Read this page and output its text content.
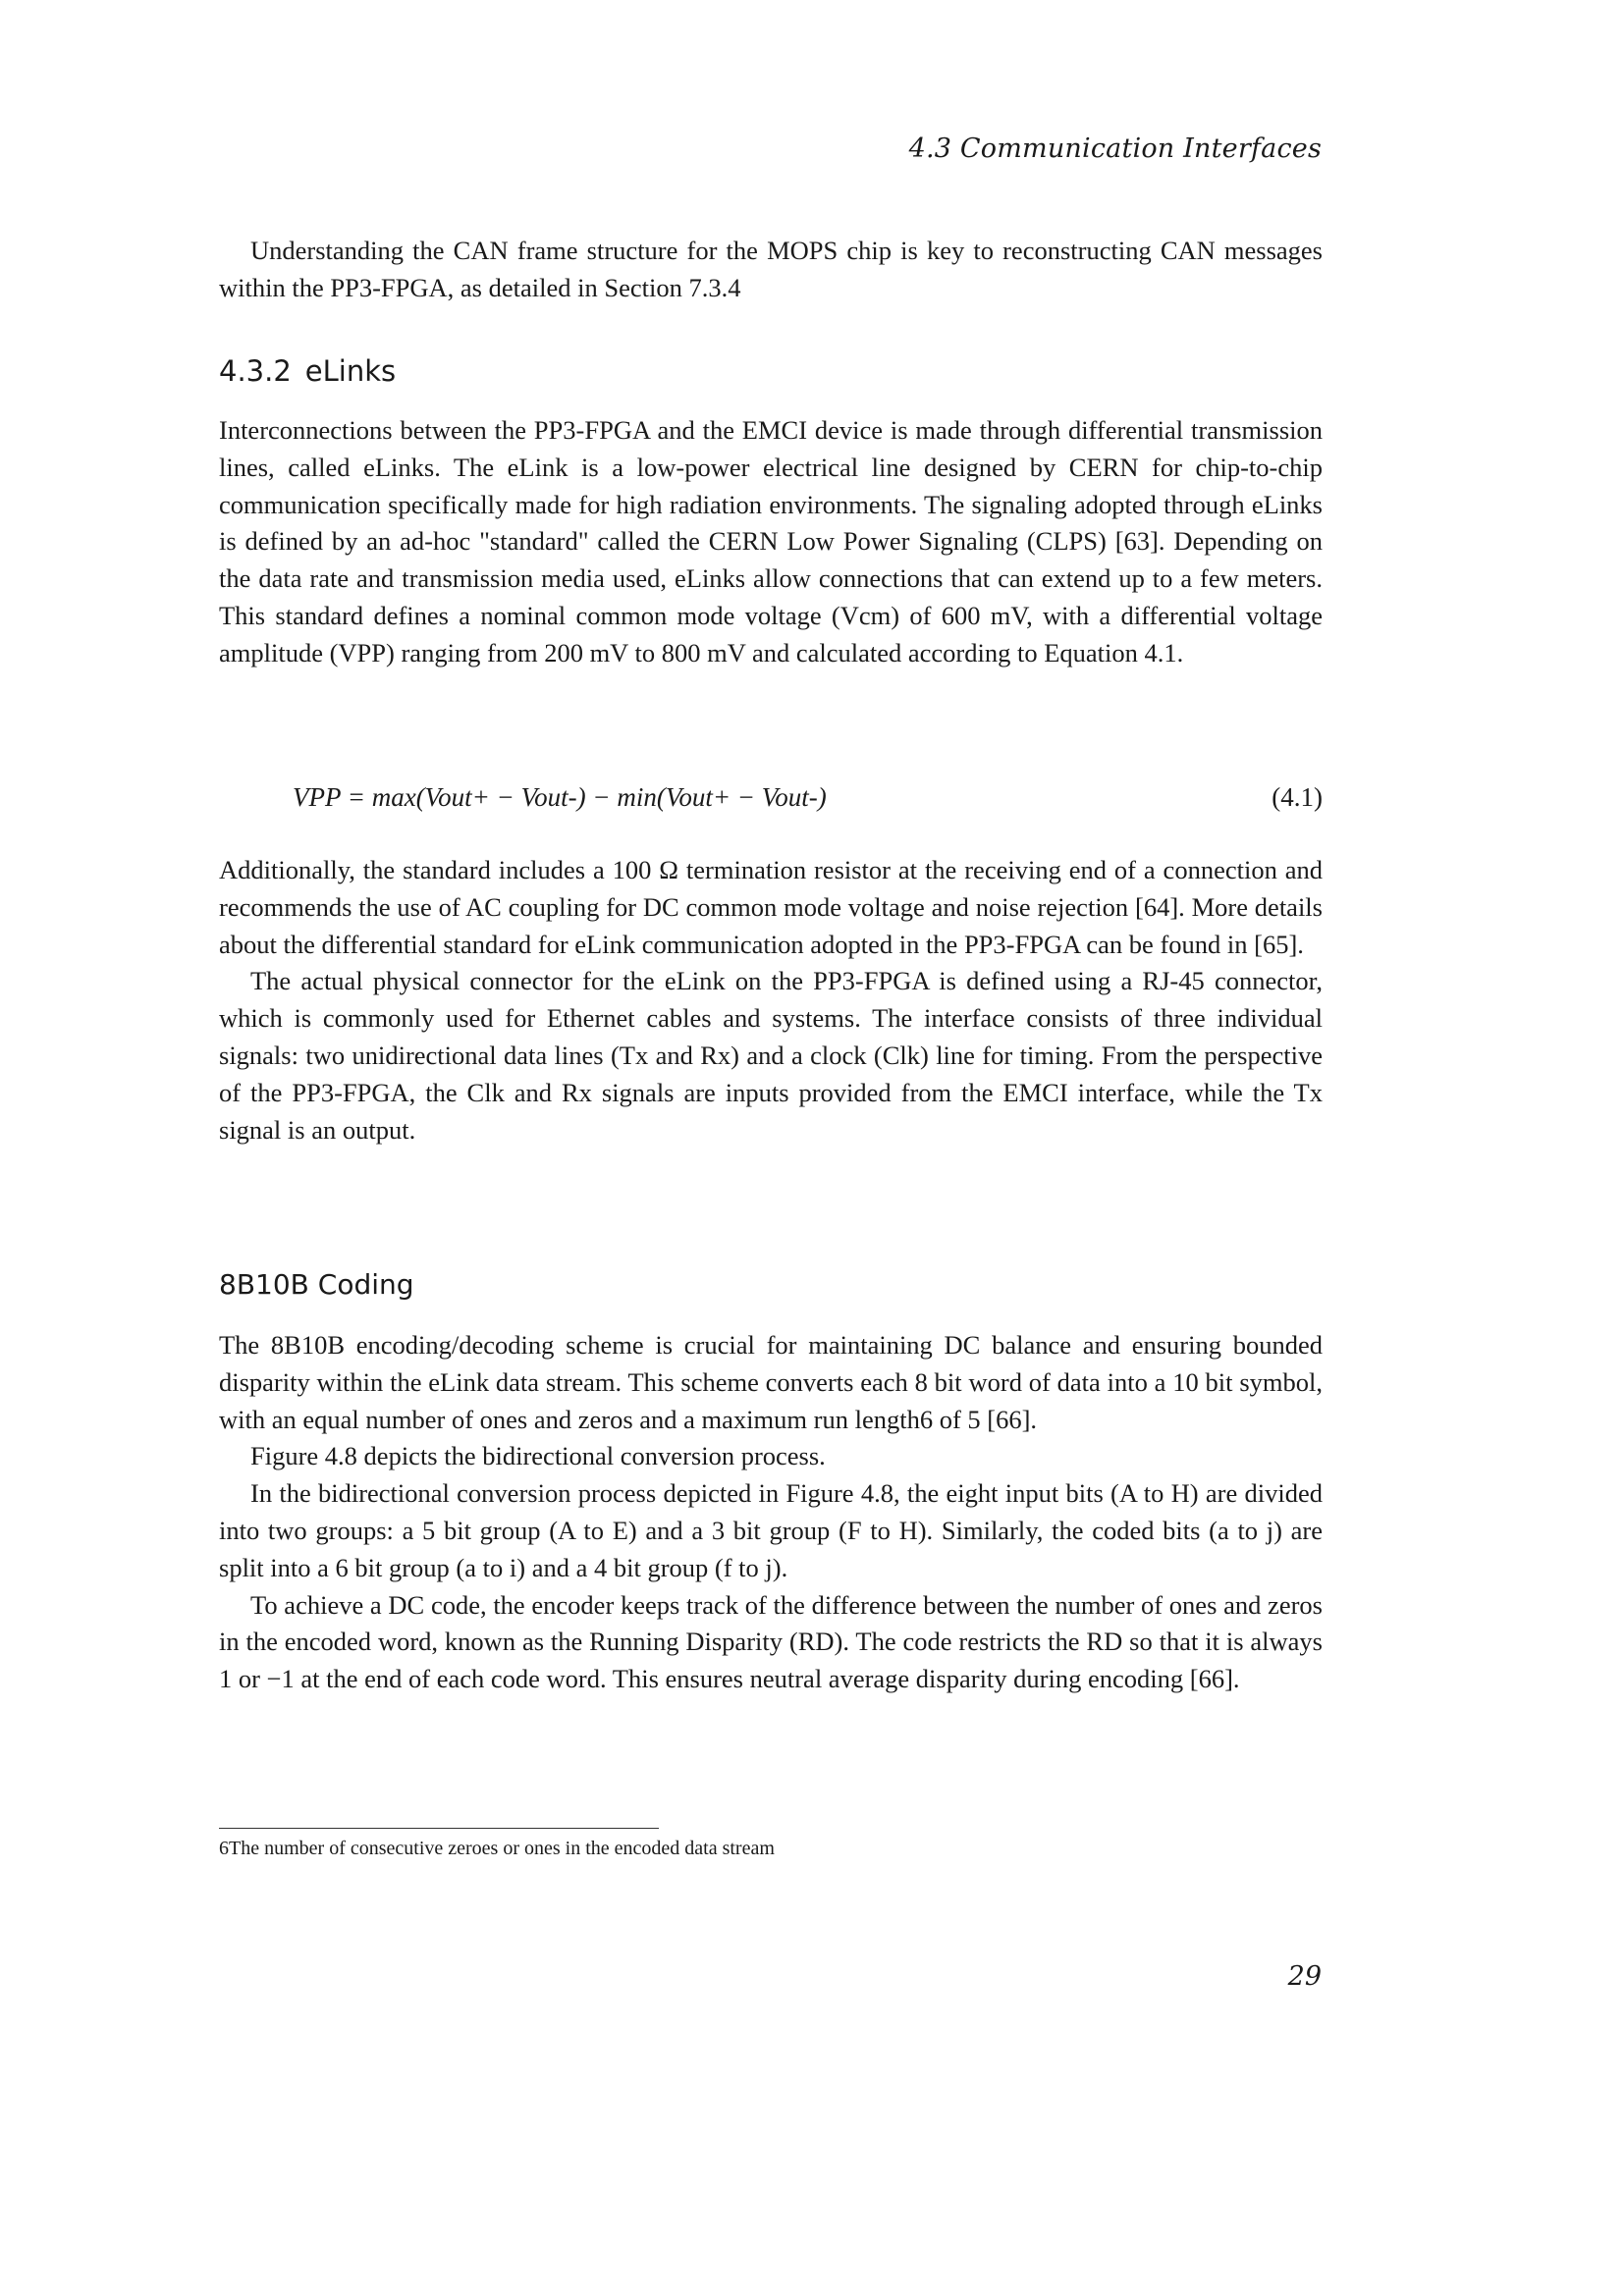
4.3 Communication Interfaces

Understanding the CAN frame structure for the MOPS chip is key to reconstructing CAN messages within the PP3-FPGA, as detailed in Section 7.3.4

4.3.2 eLinks

Interconnections between the PP3-FPGA and the EMCI device is made through differential transmission lines, called eLinks. The eLink is a low-power electrical line designed by CERN for chip-to-chip communication specifically made for high radiation environments. The signaling adopted through eLinks is defined by an ad-hoc "standard" called the CERN Low Power Signaling (CLPS) [63]. Depending on the data rate and transmission media used, eLinks allow connections that can extend up to a few meters. This standard defines a nominal common mode voltage (Vcm) of 600 mV, with a differential voltage amplitude (VPP) ranging from 200 mV to 800 mV and calculated according to Equation 4.1.

VPP = max(Vout+ − Vout-) − min(Vout+ − Vout-)	(4.1)

Additionally, the standard includes a 100 Ω termination resistor at the receiving end of a connection and recommends the use of AC coupling for DC common mode voltage and noise rejection [64]. More details about the differential standard for eLink communication adopted in the PP3-FPGA can be found in [65].

The actual physical connector for the eLink on the PP3-FPGA is defined using a RJ-45 connector, which is commonly used for Ethernet cables and systems. The interface consists of three individual signals: two unidirectional data lines (Tx and Rx) and a clock (Clk) line for timing. From the perspective of the PP3-FPGA, the Clk and Rx signals are inputs provided from the EMCI interface, while the Tx signal is an output.

8B10B Coding

The 8B10B encoding/decoding scheme is crucial for maintaining DC balance and ensuring bounded disparity within the eLink data stream. This scheme converts each 8 bit word of data into a 10 bit symbol, with an equal number of ones and zeros and a maximum run length6 of 5 [66].

Figure 4.8 depicts the bidirectional conversion process.

In the bidirectional conversion process depicted in Figure 4.8, the eight input bits (A to H) are divided into two groups: a 5 bit group (A to E) and a 3 bit group (F to H). Similarly, the coded bits (a to j) are split into a 6 bit group (a to i) and a 4 bit group (f to j).

To achieve a DC code, the encoder keeps track of the difference between the number of ones and zeros in the encoded word, known as the Running Disparity (RD). The code restricts the RD so that it is always 1 or −1 at the end of each code word. This ensures neutral average disparity during encoding [66].

6The number of consecutive zeroes or ones in the encoded data stream
29
